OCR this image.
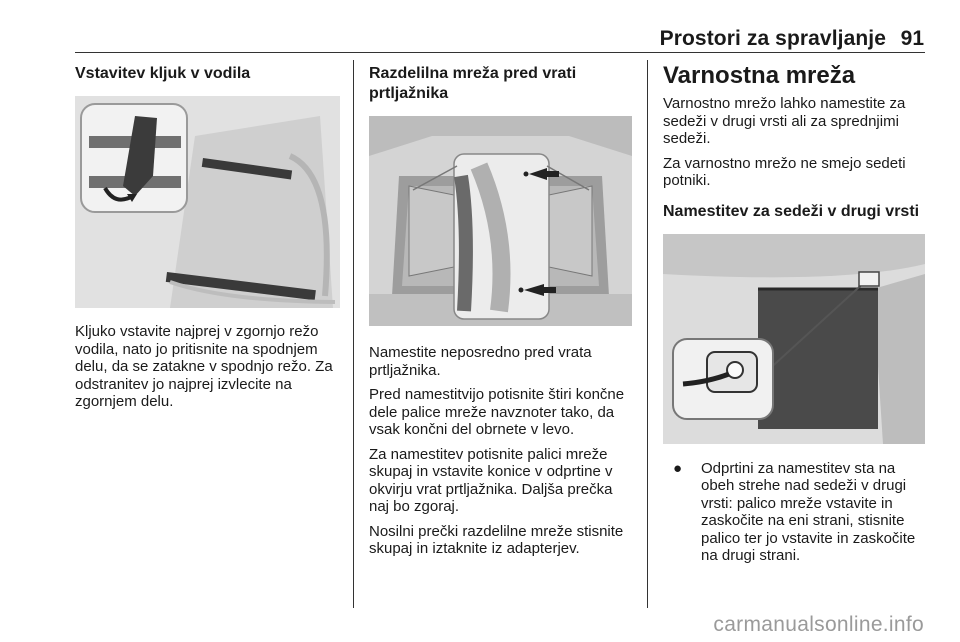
Prostori za spravljanje 91
Vstavitev kljuk v vodila

Kljuko vstavite najprej v zgornjo režo vodila, nato jo pritisnite na spodnjem delu, da se zatakne v spodnjo režo. Za odstranitev jo najprej izvlecite na zgornjem delu.

Razdelilna mreža pred vrati prtljažnika

Namestite neposredno pred vrata prtljažnika.

Pred namestitvijo potisnite štiri končne dele palice mreže navznoter tako, da vsak končni del obrnete v levo.

Za namestitev potisnite palici mreže skupaj in vstavite konice v odprtine v okvirju vrat prtljažnika. Daljša prečka naj bo zgoraj.

Nosilni prečki razdelilne mreže stisnite skupaj in iztaknite iz adapterjev.

Varnostna mreža

Varnostno mrežo lahko namestite za sedeži v drugi vrsti ali za sprednjimi sedeži.

Za varnostno mrežo ne smejo sedeti potniki.

Namestitev za sedeži v drugi vrsti
●	Odprtini za namestitev sta na obeh strehe nad sedeži v drugi vrsti: palico mreže vstavite in zaskočite na eni strani, stisnite palico ter jo vstavite in zaskočite na drugi strani.
carmanualsonline.info
